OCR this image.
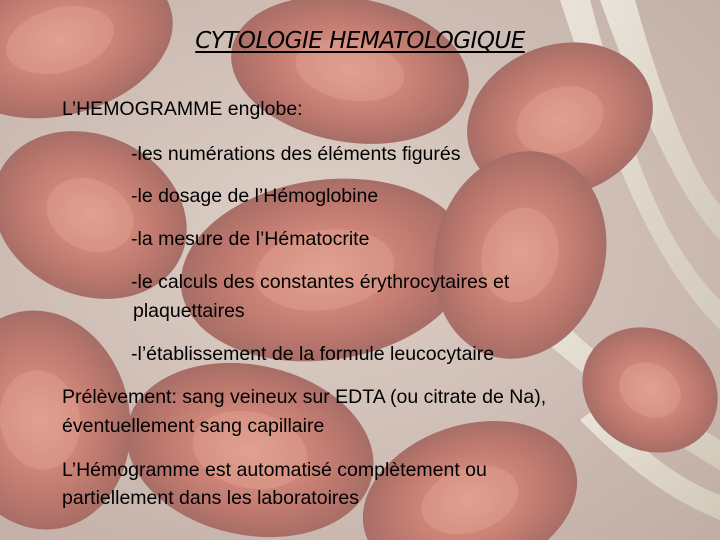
CYTOLOGIE HEMATOLOGIQUE
L’HEMOGRAMME englobe:
-les numérations des éléments figurés
-le dosage de l’Hémoglobine
-la mesure de l’Hématocrite
-le calculs des constantes érythrocytaires et
plaquettaires
-l’établissement de la formule leucocytaire
Prélèvement: sang veineux sur EDTA (ou citrate de Na),
éventuellement sang capillaire
L’Hémogramme est automatisé complètement ou
partiellement dans les laboratoires
